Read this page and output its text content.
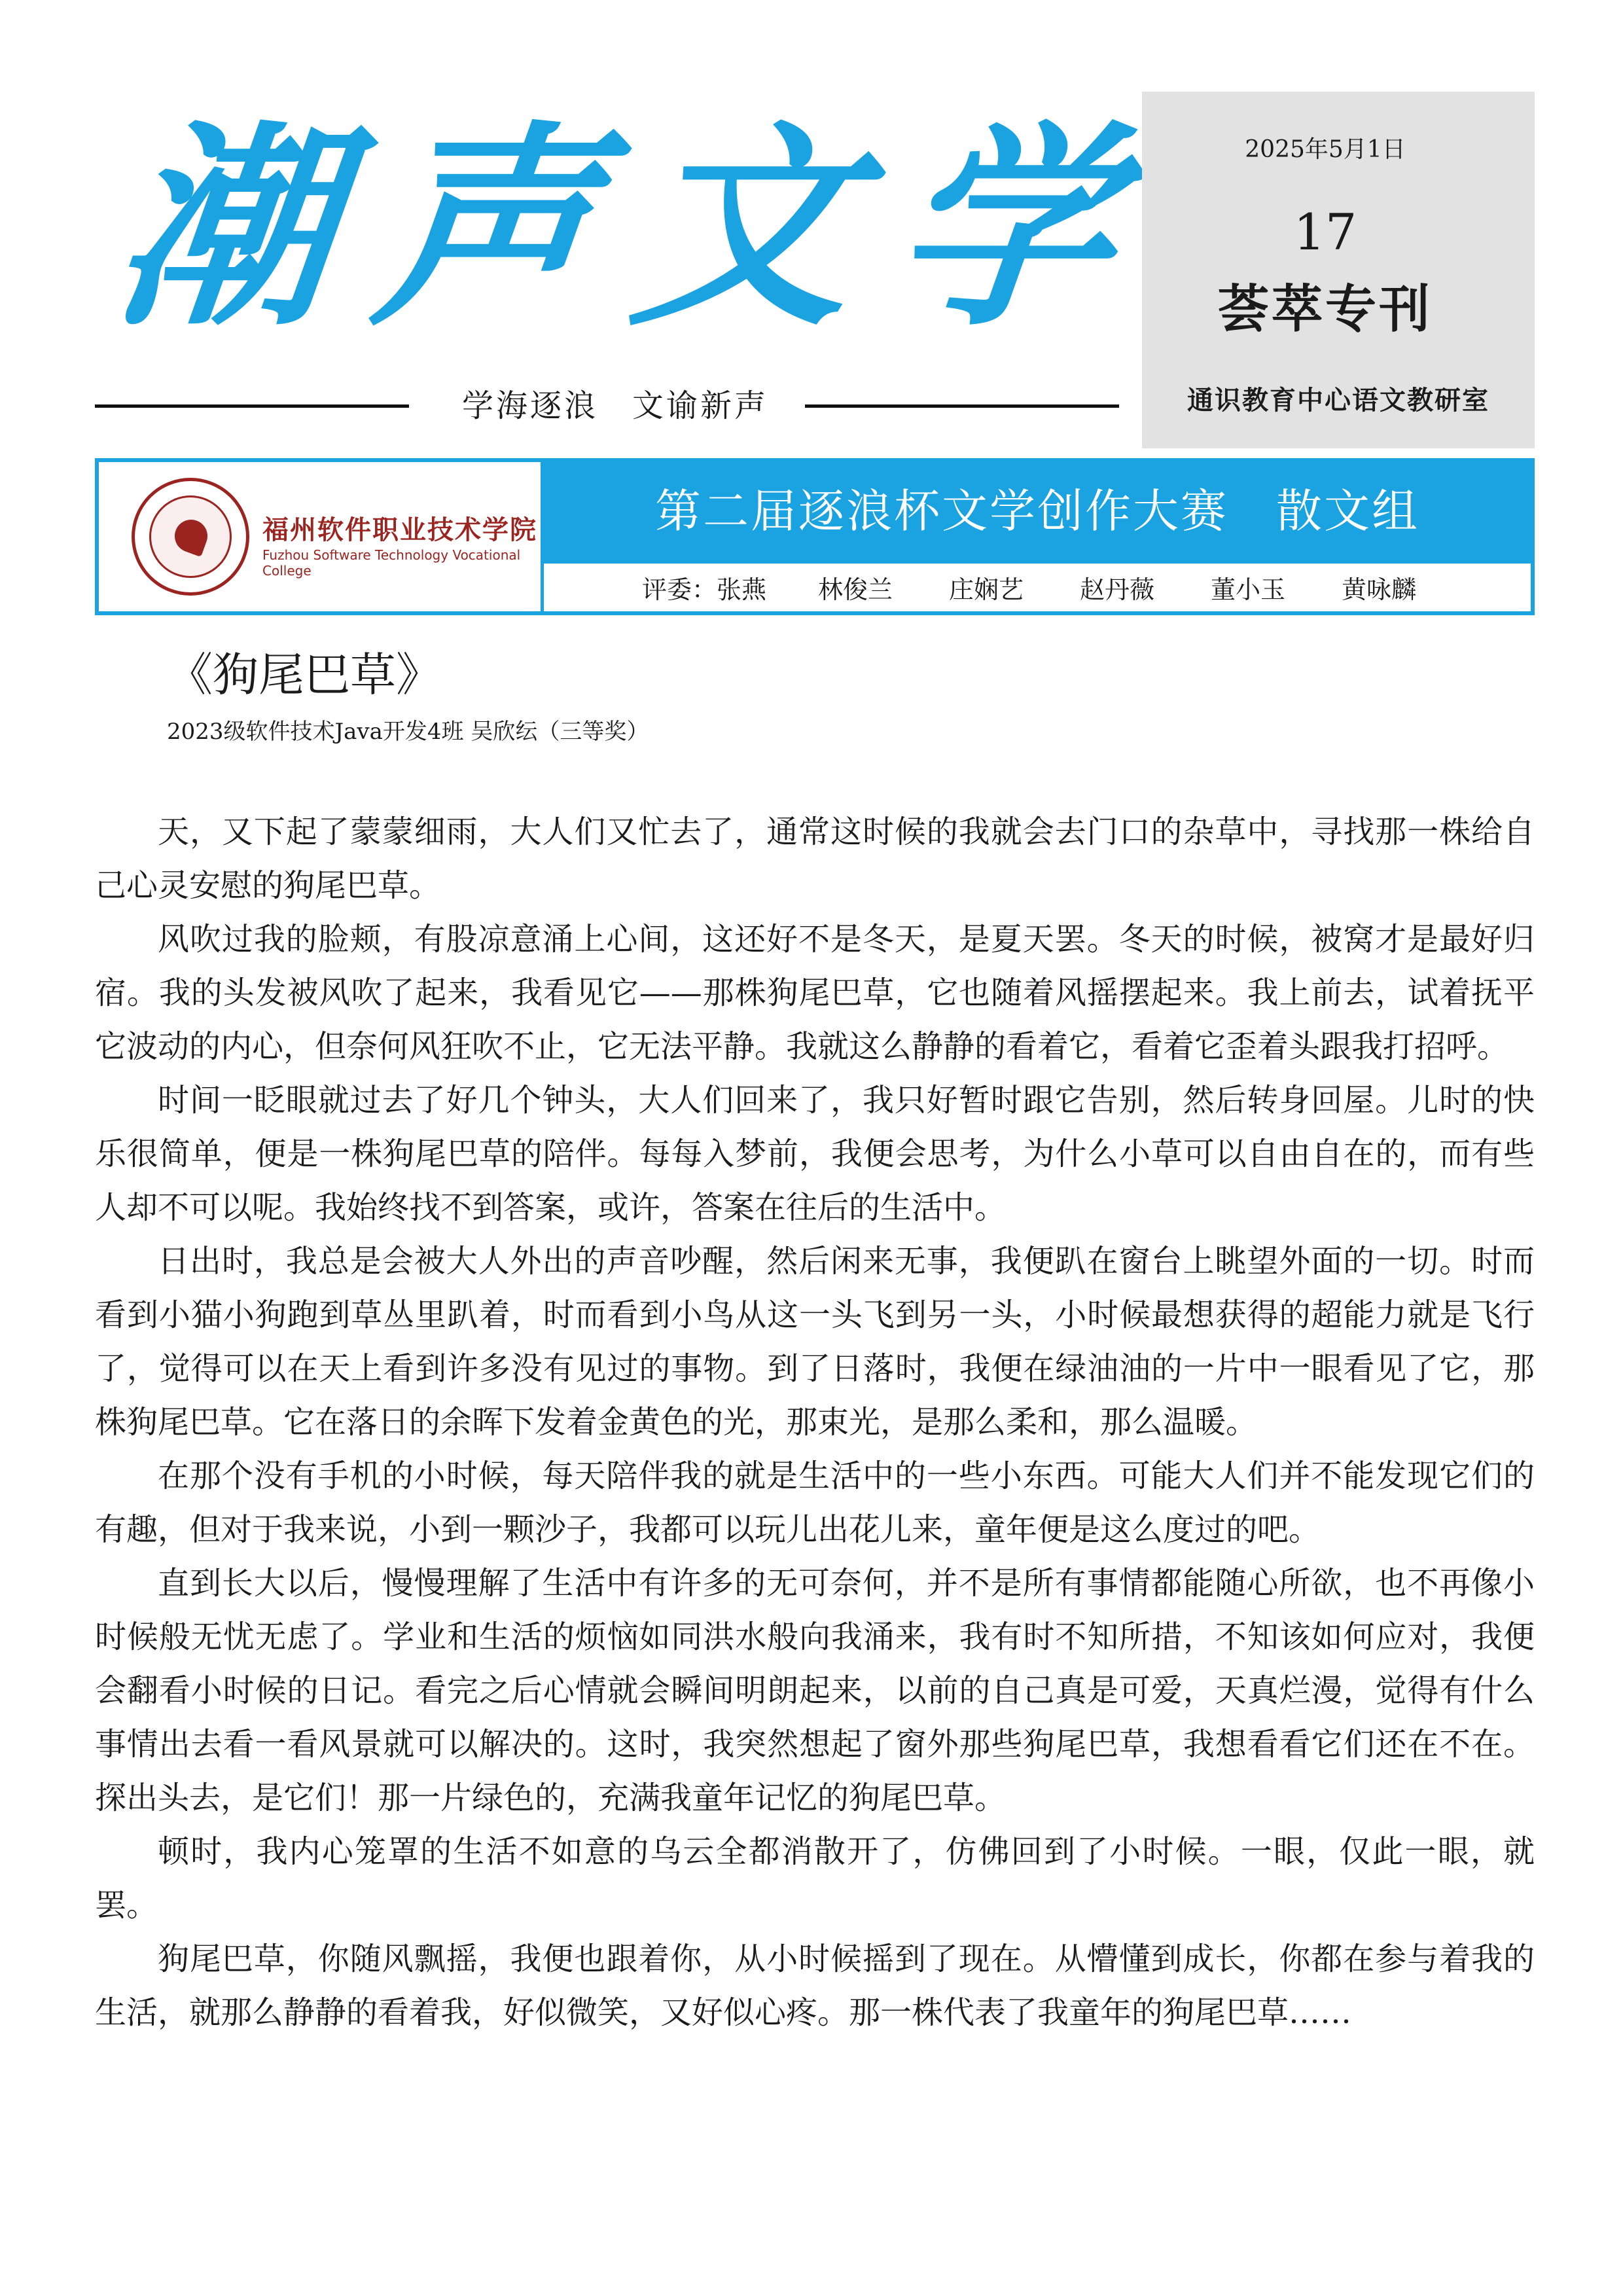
潮 声 文 学
学海逐浪　文谕新声
2025年5月1日
17
荟萃专刊
通识教育中心语文教研室
福州软件职业技术学院
Fuzhou Software Technology Vocational College
第二届逐浪杯文学创作大赛　散文组
评委： 张燕	林俊兰	庄娴艺	赵丹薇	董小玉	黄咏麟
《狗尾巴草》
2023级软件技术Java开发4班 吴欣纭（三等奖）

天，又下起了蒙蒙细雨，大人们又忙去了，通常这时候的我就会去门口的杂草中，寻找那一株给自己心灵安慰的狗尾巴草。

风吹过我的脸颊，有股凉意涌上心间，这还好不是冬天，是夏天罢。冬天的时候，被窝才是最好归宿。我的头发被风吹了起来，我看见它——那株狗尾巴草，它也随着风摇摆起来。我上前去，试着抚平它波动的内心，但奈何风狂吹不止，它无法平静。我就这么静静的看着它，看着它歪着头跟我打招呼。

时间一眨眼就过去了好几个钟头，大人们回来了，我只好暂时跟它告别，然后转身回屋。儿时的快乐很简单，便是一株狗尾巴草的陪伴。每每入梦前，我便会思考，为什么小草可以自由自在的，而有些人却不可以呢。我始终找不到答案，或许，答案在往后的生活中。

日出时，我总是会被大人外出的声音吵醒，然后闲来无事，我便趴在窗台上眺望外面的一切。时而看到小猫小狗跑到草丛里趴着，时而看到小鸟从这一头飞到另一头，小时候最想获得的超能力就是飞行了，觉得可以在天上看到许多没有见过的事物。到了日落时，我便在绿油油的一片中一眼看见了它，那株狗尾巴草。它在落日的余晖下发着金黄色的光，那束光，是那么柔和，那么温暖。

在那个没有手机的小时候，每天陪伴我的就是生活中的一些小东西。可能大人们并不能发现它们的有趣，但对于我来说，小到一颗沙子，我都可以玩儿出花儿来，童年便是这么度过的吧。

直到长大以后，慢慢理解了生活中有许多的无可奈何，并不是所有事情都能随心所欲，也不再像小时候般无忧无虑了。学业和生活的烦恼如同洪水般向我涌来，我有时不知所措，不知该如何应对，我便会翻看小时候的日记。看完之后心情就会瞬间明朗起来，以前的自己真是可爱，天真烂漫，觉得有什么事情出去看一看风景就可以解决的。这时，我突然想起了窗外那些狗尾巴草，我想看看它们还在不在。探出头去，是它们！那一片绿色的，充满我童年记忆的狗尾巴草。

顿时，我内心笼罩的生活不如意的乌云全都消散开了，仿佛回到了小时候。一眼，仅此一眼，就罢。

狗尾巴草，你随风飘摇，我便也跟着你，从小时候摇到了现在。从懵懂到成长，你都在参与着我的生活，就那么静静的看着我，好似微笑，又好似心疼。那一株代表了我童年的狗尾巴草……
